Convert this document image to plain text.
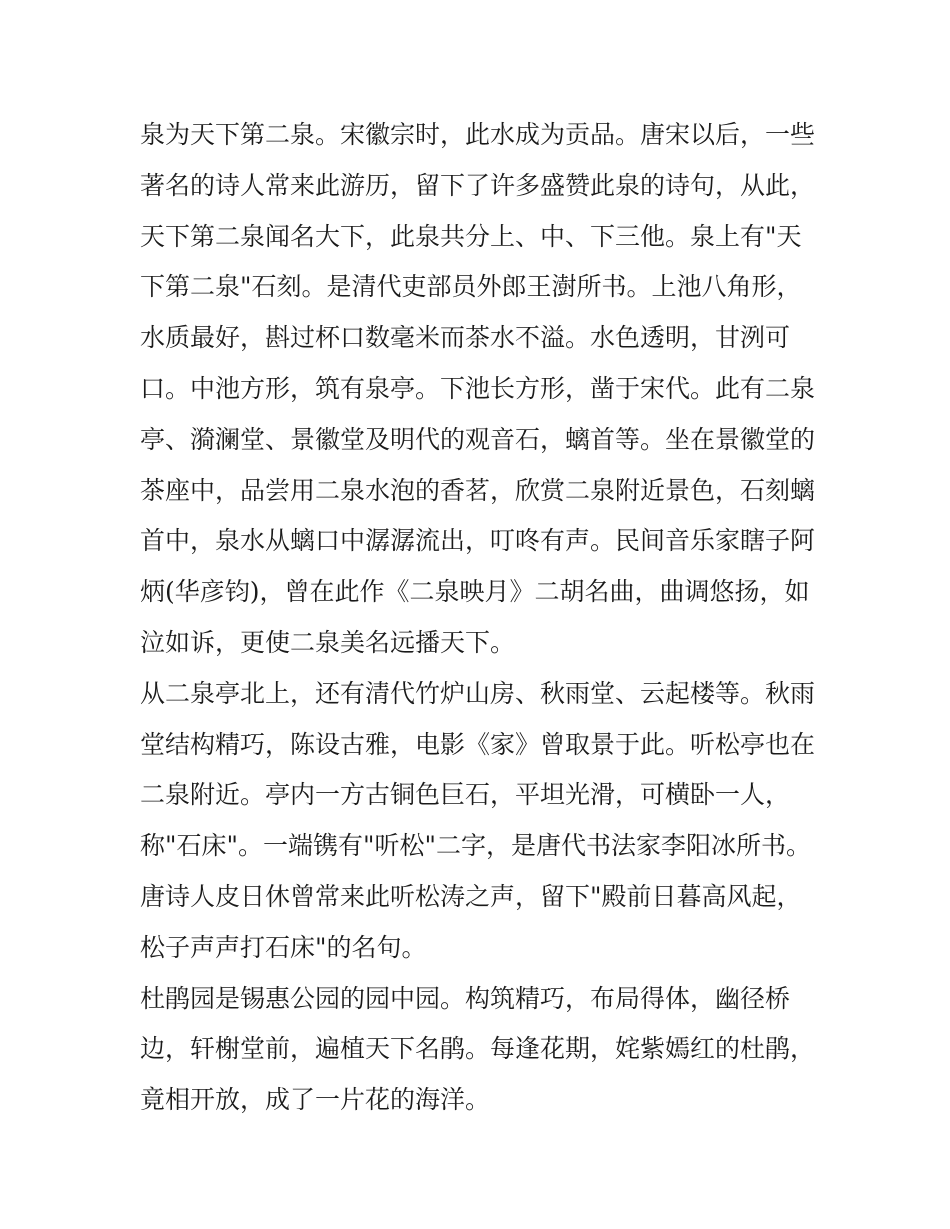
泉为天下第二泉。宋徽宗时，此水成为贡品。唐宋以后，一些
著名的诗人常来此游历，留下了许多盛赞此泉的诗句，从此，
天下第二泉闻名大下，此泉共分上、中、下三他。泉上有"天
下第二泉"石刻。是清代吏部员外郎王澍所书。上池八角形，
水质最好，斟过杯口数毫米而茶水不溢。水色透明，甘洌可
口。中池方形，筑有泉亭。下池长方形，凿于宋代。此有二泉
亭、漪澜堂、景徽堂及明代的观音石，螭首等。坐在景徽堂的
茶座中，品尝用二泉水泡的香茗，欣赏二泉附近景色，石刻螭
首中，泉水从螭口中潺潺流出，叮咚有声。民间音乐家瞎子阿
炳(华彦钧)，曾在此作《二泉映月》二胡名曲，曲调悠扬，如
泣如诉，更使二泉美名远播天下。
从二泉亭北上，还有清代竹炉山房、秋雨堂、云起楼等。秋雨
堂结构精巧，陈设古雅，电影《家》曾取景于此。听松亭也在
二泉附近。亭内一方古铜色巨石，平坦光滑，可横卧一人，
称"石床"。一端镌有"听松"二字，是唐代书法家李阳冰所书。
唐诗人皮日休曾常来此听松涛之声，留下"殿前日暮高风起，
松子声声打石床"的名句。
杜鹃园是锡惠公园的园中园。构筑精巧，布局得体，幽径桥
边，轩榭堂前，遍植天下名鹃。每逢花期，姹紫嫣红的杜鹃，
竟相开放，成了一片花的海洋。
